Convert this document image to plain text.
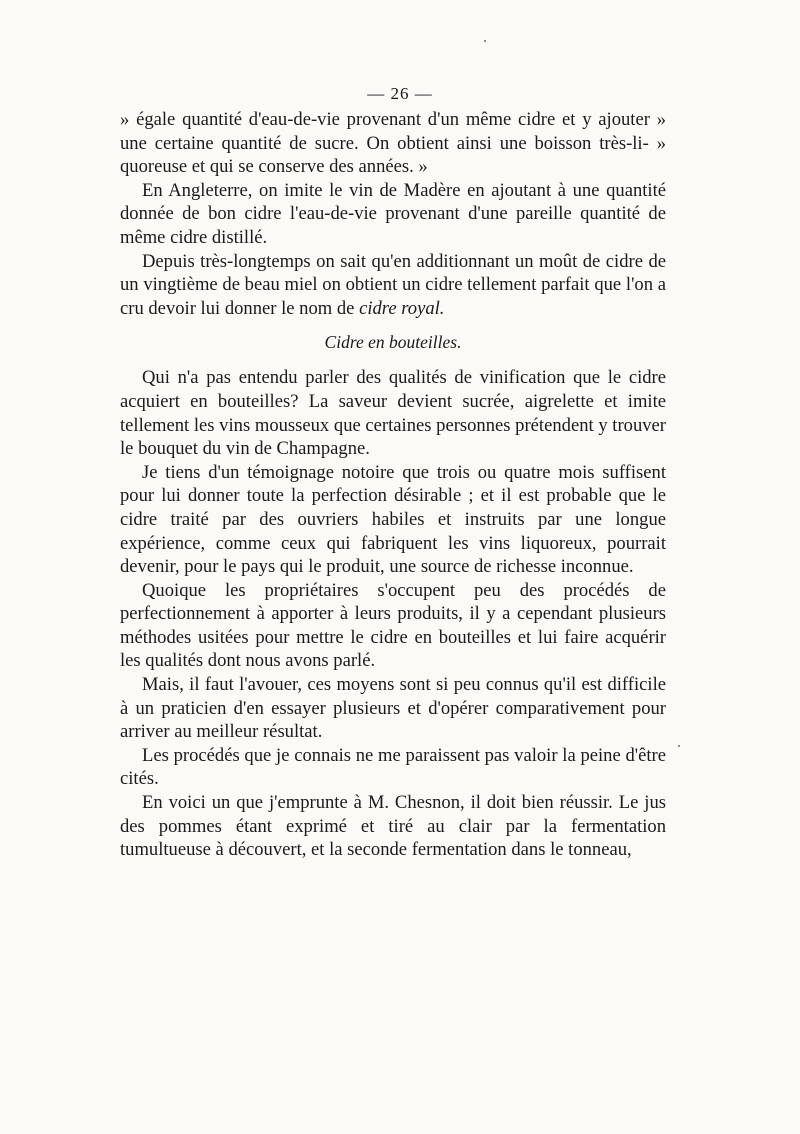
— 26 —

» égale quantité d'eau-de-vie provenant d'un même cidre et y ajouter » une certaine quantité de sucre. On obtient ainsi une boisson très-li- » quoreuse et qui se conserve des années. »

En Angleterre, on imite le vin de Madère en ajoutant à une quantité donnée de bon cidre l'eau-de-vie provenant d'une pareille quantité de même cidre distillé.

Depuis très-longtemps on sait qu'en additionnant un moût de cidre de un vingtième de beau miel on obtient un cidre tellement parfait que l'on a cru devoir lui donner le nom de cidre royal.

Cidre en bouteilles.

Qui n'a pas entendu parler des qualités de vinification que le cidre acquiert en bouteilles? La saveur devient sucrée, aigrelette et imite tellement les vins mousseux que certaines personnes prétendent y trouver le bouquet du vin de Champagne.

Je tiens d'un témoignage notoire que trois ou quatre mois suffisent pour lui donner toute la perfection désirable ; et il est probable que le cidre traité par des ouvriers habiles et instruits par une longue expérience, comme ceux qui fabriquent les vins liquoreux, pourrait devenir, pour le pays qui le produit, une source de richesse inconnue.

Quoique les propriétaires s'occupent peu des procédés de perfectionnement à apporter à leurs produits, il y a cependant plusieurs méthodes usitées pour mettre le cidre en bouteilles et lui faire acquérir les qualités dont nous avons parlé.

Mais, il faut l'avouer, ces moyens sont si peu connus qu'il est difficile à un praticien d'en essayer plusieurs et d'opérer comparativement pour arriver au meilleur résultat.

Les procédés que je connais ne me paraissent pas valoir la peine d'être cités.

En voici un que j'emprunte à M. Chesnon, il doit bien réussir. Le jus des pommes étant exprimé et tiré au clair par la fermentation tumultueuse à découvert, et la seconde fermentation dans le tonneau,
